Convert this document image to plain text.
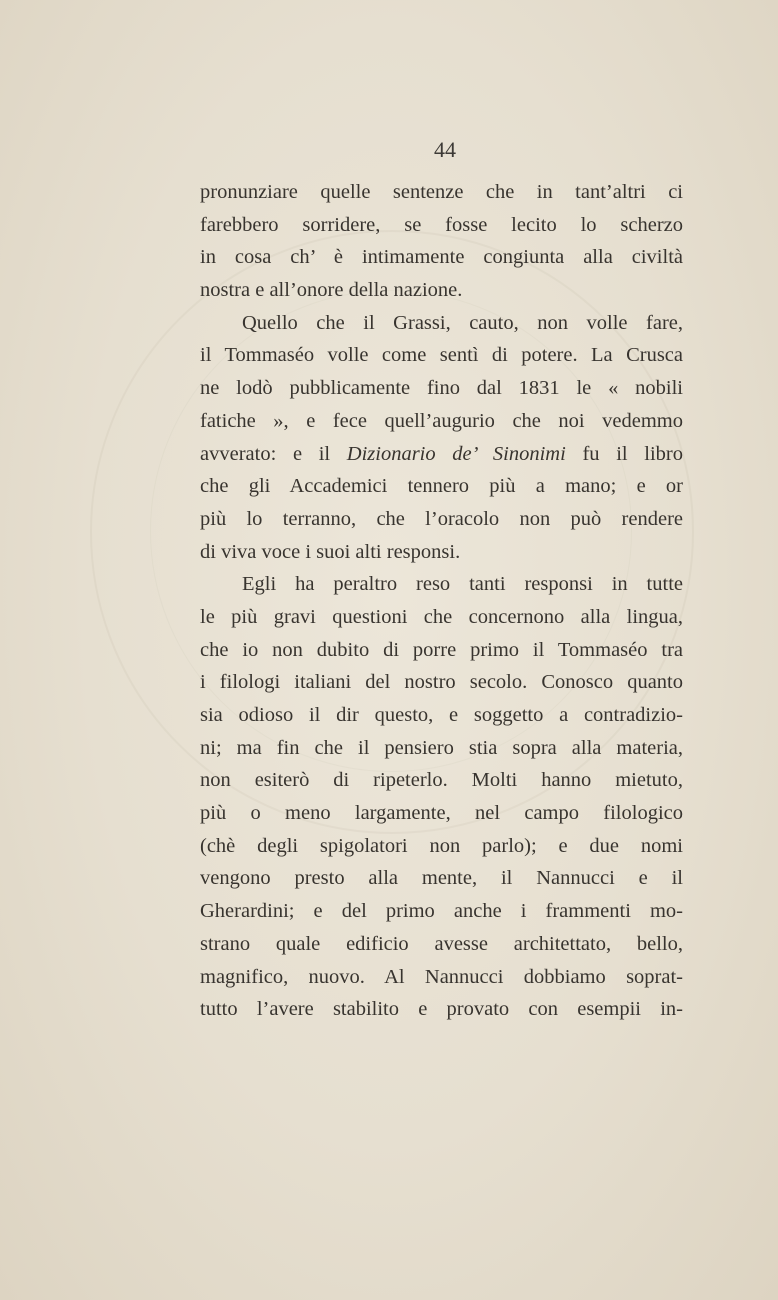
44
pronunziare quelle sentenze che in tant’altri ci
farebbero sorridere, se fosse lecito lo scherzo
in cosa ch’ è intimamente congiunta alla civiltà
nostra e all’onore della nazione.
Quello che il Grassi, cauto, non volle fare,
il Tommaséo volle come sentì di potere. La Crusca
ne lodò pubblicamente fino dal 1831 le « nobili
fatiche », e fece quell’augurio che noi vedemmo
avverato: e il Dizionario de’ Sinonimi fu il libro
che gli Accademici tennero più a mano; e or
più lo terranno, che l’oracolo non può rendere
di viva voce i suoi alti responsi.
Egli ha peraltro reso tanti responsi in tutte
le più gravi questioni che concernono alla lingua,
che io non dubito di porre primo il Tommaséo tra
i filologi italiani del nostro secolo. Conosco quanto
sia odioso il dir questo, e soggetto a contradizio-
ni; ma fin che il pensiero stia sopra alla materia,
non esiterò di ripeterlo. Molti hanno mietuto,
più o meno largamente, nel campo filologico
(chè degli spigolatori non parlo); e due nomi
vengono presto alla mente, il Nannucci e il
Gherardini; e del primo anche i frammenti mo-
strano quale edificio avesse architettato, bello,
magnifico, nuovo. Al Nannucci dobbiamo soprat-
tutto l’avere stabilito e provato con esempii in-
